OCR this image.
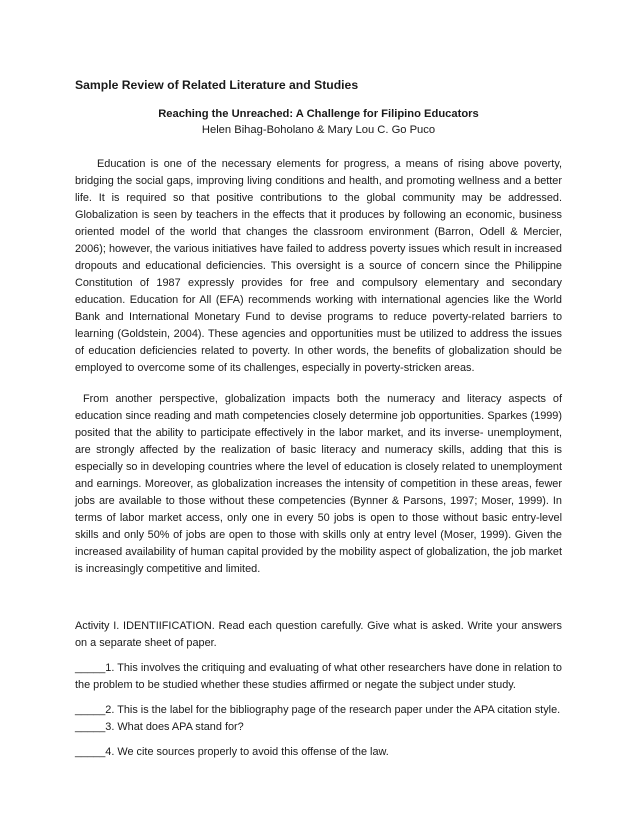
Sample Review of Related Literature and Studies

Reaching the Unreached: A Challenge for Filipino Educators

Helen Bihag-Boholano & Mary Lou C. Go Puco

Education is one of the necessary elements for progress, a means of rising above poverty, bridging the social gaps, improving living conditions and health, and promoting wellness and a better life. It is required so that positive contributions to the global community may be addressed. Globalization is seen by teachers in the effects that it produces by following an economic, business oriented model of the world that changes the classroom environment (Barron, Odell & Mercier, 2006); however, the various initiatives have failed to address poverty issues which result in increased dropouts and educational deficiencies. This oversight is a source of concern since the Philippine Constitution of 1987 expressly provides for free and compulsory elementary and secondary education. Education for All (EFA) recommends working with international agencies like the World Bank and International Monetary Fund to devise programs to reduce poverty-related barriers to learning (Goldstein, 2004). These agencies and opportunities must be utilized to address the issues of education deficiencies related to poverty. In other words, the benefits of globalization should be employed to overcome some of its challenges, especially in poverty-stricken areas.

From another perspective, globalization impacts both the numeracy and literacy aspects of education since reading and math competencies closely determine job opportunities. Sparkes (1999) posited that the ability to participate effectively in the labor market, and its inverse- unemployment, are strongly affected by the realization of basic literacy and numeracy skills, adding that this is especially so in developing countries where the level of education is closely related to unemployment and earnings. Moreover, as globalization increases the intensity of competition in these areas, fewer jobs are available to those without these competencies (Bynner & Parsons, 1997; Moser, 1999). In terms of labor market access, only one in every 50 jobs is open to those without basic entry-level skills and only 50% of jobs are open to those with skills only at entry level (Moser, 1999). Given the increased availability of human capital provided by the mobility aspect of globalization, the job market is increasingly competitive and limited.

Activity I. IDENTIIFICATION. Read each question carefully. Give what is asked. Write your answers on a separate sheet of paper.

_____1. This involves the critiquing and evaluating of what other researchers have done in relation to the problem to be studied whether these studies affirmed or negate the subject under study.

_____2. This is the label for the bibliography page of the research paper under the APA citation style.

_____3. What does APA stand for?

_____4. We cite sources properly to avoid this offense of the law.
